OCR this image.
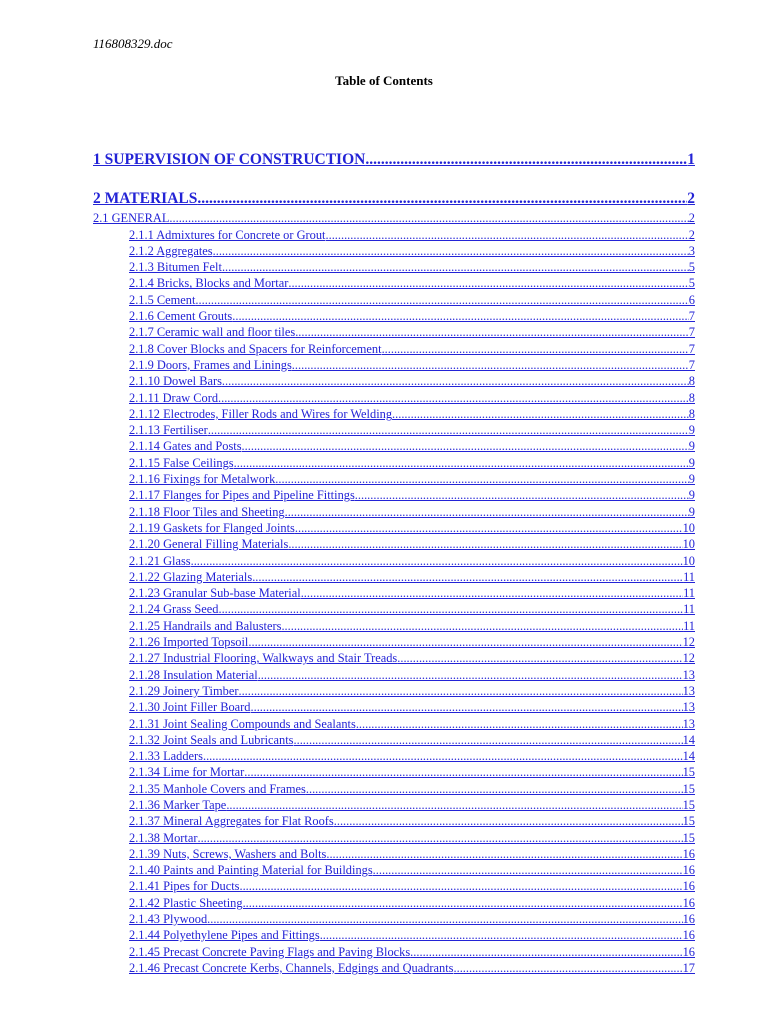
116808329.doc
Table of Contents
1 SUPERVISION OF CONSTRUCTION .....	1
2 MATERIALS .....	2
2.1 GENERAL .....	2
2.1.1 Admixtures for Concrete or Grout .....	2
2.1.2 Aggregates .....	3
2.1.3 Bitumen Felt .....	5
2.1.4 Bricks, Blocks and Mortar .....	5
2.1.5 Cement .....	6
2.1.6 Cement Grouts .....	7
2.1.7 Ceramic wall and floor tiles .....	7
2.1.8 Cover Blocks and Spacers for Reinforcement .....	7
2.1.9 Doors, Frames and Linings .....	7
2.1.10 Dowel Bars .....	8
2.1.11 Draw Cord .....	8
2.1.12 Electrodes, Filler Rods and Wires for Welding .....	8
2.1.13 Fertiliser .....	9
2.1.14 Gates and Posts .....	9
2.1.15 False Ceilings .....	9
2.1.16 Fixings for Metalwork .....	9
2.1.17 Flanges for Pipes and Pipeline Fittings .....	9
2.1.18 Floor Tiles and Sheeting .....	9
2.1.19 Gaskets for Flanged Joints .....	10
2.1.20 General Filling Materials .....	10
2.1.21 Glass .....	10
2.1.22 Glazing Materials .....	11
2.1.23 Granular Sub-base Material .....	11
2.1.24 Grass Seed .....	11
2.1.25 Handrails and Balusters .....	11
2.1.26 Imported Topsoil .....	12
2.1.27 Industrial Flooring, Walkways and Stair Treads .....	12
2.1.28 Insulation Material .....	13
2.1.29 Joinery Timber .....	13
2.1.30 Joint Filler Board .....	13
2.1.31 Joint Sealing Compounds and Sealants .....	13
2.1.32 Joint Seals and Lubricants .....	14
2.1.33 Ladders .....	14
2.1.34 Lime for Mortar .....	15
2.1.35 Manhole Covers and Frames .....	15
2.1.36 Marker Tape .....	15
2.1.37 Mineral Aggregates for Flat Roofs .....	15
2.1.38 Mortar .....	15
2.1.39 Nuts, Screws, Washers and Bolts .....	16
2.1.40 Paints and Painting Material for Buildings .....	16
2.1.41 Pipes for Ducts .....	16
2.1.42 Plastic Sheeting .....	16
2.1.43 Plywood .....	16
2.1.44 Polyethylene Pipes and Fittings .....	16
2.1.45 Precast Concrete Paving Flags and Paving Blocks .....	16
2.1.46 Precast Concrete Kerbs, Channels, Edgings and Quadrants .....	17
